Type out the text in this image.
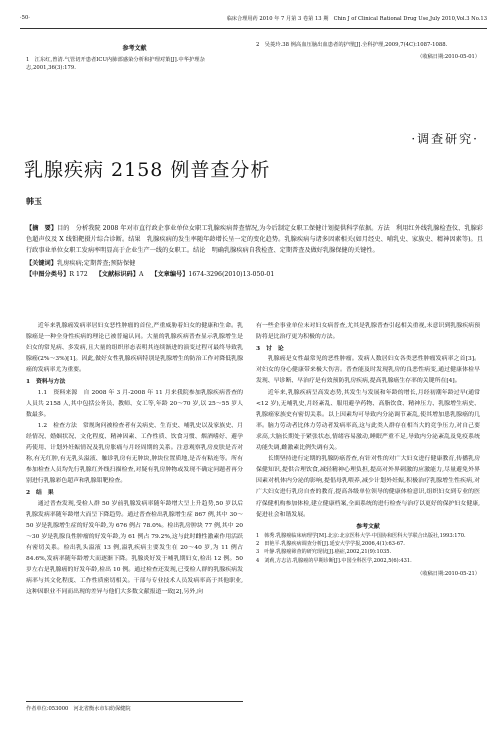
·50·	临床合理用药 2010 年 7 月第 3 卷第 13 期　Chin J of Clinical Rational Drug Use,July 2010,Vol.3 No.13
参考文献
1　江东红,曾清.气管切开患者ICU内肺部感染分析和护理对策[J].中华护理杂志,2001,36(3):179.
2　吴菱玲.38 例高血压脑出血患者的护理[J].全科护理,2009,7(4C):1087-1088.
（收稿日期:2010-05-01）
·调查研究·
乳腺疾病 2158 例普查分析
韩玉
【摘　要】目的　分析我院 2008 年对市直行政企事业单位女职工乳腺疾病普查情况,为今后制定女职工保健计划提供科学依据。方法　利用红外线乳腺检查仪、乳腺彩色超声仪及 X 线钼靶摄片综合诊断。结果　乳腺疾病的发生率随年龄增长呈一定的变化趋势。乳腺疾病与诸多因素相关(如月经史、哺乳史、家族史、精神因素等)。且行政事业单位女职工发病率明显高于企业生产一线的女职工。结论　明确乳腺疾病自我检查、定期普查及做好乳腺保健的关键性。
【关键词】乳房疾病;定期普查;预防保健
【中图分类号】R 172 【文献标识码】A 【文章编号】1674-3296(2010)13-050-01

近年来乳腺癌发病率居妇女恶性肿瘤的首位,严重威胁着妇女的健康和生命。乳腺癌是一种全身性疾病的理论已被普遍认同。大量的乳腺疾病普查显示乳腺增生是妇女的常见病、多发病,且大量的组织形态表明其连续渐进的演变过程可最终导致乳腺癌(2%～3%)[1]。因此,做好女性乳腺疾病特别是乳腺增生的防治工作对降低乳腺癌的发病率尤为重要。

1　资料与方法

1.1　资料来源　自 2008 年 3 月-2008 年 11 月来我院参加乳腺疾病普查的人员共 2158 人,其中包括公务员、教师、女工等,年龄 20～70 岁,以 25～55 岁人数最多。

1.2　检查方法　常规询问被检查者有关病史、生育史、哺乳史以及家族史、月经情况、婚姻状况、文化程度、精神因素、工作性质、饮食习惯、烟酒嗜好、避孕药使用、计划外妊娠情况及乳房胀痛与月经周期的关系。注意观察乳房皮肤是否对称,有无红肿,有无乳头溢液、触诊乳房有无肿块,肿块位置质地,是否有粘连等。所有参加检查人员均先行乳腺红外线扫描检查,对疑有乳房肿物或发现不确定问题者再分别进行乳腺彩色超声和乳腺钼靶检查。

2　结　果

通过普查发现,受检人群 50 岁前乳腺发病率随年龄增大呈上升趋势,50 岁以后乳腺发病率随年龄增大而呈下降趋势。通过普查检出乳腺增生症 867 例,其中 30～50 岁是乳腺增生症的好发年龄,为 676 例占 78.0%。检出乳房肿块 77 例,其中 20～30 岁是乳腺良性肿瘤的好发年龄,为 61 例占 79.2%,这与此时雌性激素作用活跃有密切关系。检出乳头溢液 13 例,溢乳疾病主要发生在 20～40 岁,为 11 例占 84.6%,发病率随年龄增大而逐渐下降。乳腺炎好发于哺乳期妇女,检出 12 例。50 岁左右是乳腺癌的好发年龄,检出 10 例。通过检查还发现,已受检人群的乳腺疾病发病率与其文化程度、工作性质密切相关。干部与专业技术人员发病率高于其他职业,这种因职业不同而出现的差异与他们大多数文献报道一致[2],另外,向

有一些企事业单位未对妇女病普查,尤其是乳腺普查引起相关重视,未意识到乳腺疾病预防将是比治疗更为积极的方法。

3　讨　论

乳腺癌是女性最常见的恶性肿瘤。发病人数居妇女各类恶性肿瘤发病率之首[3]。对妇女的身心健康带来极大伤害。普查能及时发现乳房的良恶性病变,通过健康体检早发现、早诊断、早治疗是有效预防乳房疾病,提高乳腺癌生存率的关键所在[4]。

近年来,乳腺疾病呈高发态势,其发生与发展和年龄的增长,月经初潮年龄过早(通常<12 岁),无哺乳史,月经紊乱、服用避孕药物、高脂饮食、精神压力、乳腺增生病史、乳腺癌家族史有密切关系。以上因素均可导致内分泌调节紊乱,使其增加患乳腺癌的几率。脑力劳动者比体力劳动者发病率高,这与此类人群存在相当大的竞争压力,对自己要求高,大脑长期处于紧张状态,情绪容易激动,睡眠严重不足,导致内分泌紊乱及免疫系统功能失调,雌激素比例失调有关。

长期坚持进行定期的乳腺防癌普查,有针对性的对广大妇女进行健康教育,传播乳房保健知识,提供合理饮食,减轻精神心理负担,提高对外界刺激的应激能力,尽量避免外界因素对机体内分泌的影响,提倡母乳喂养,减少计划外妊娠,积极治疗乳腺增生性疾病,对广大妇女进行乳房自查的教育,提高各级单位领导的健康体检意识,组织妇女到专业的医疗保健机构参加体检,建立健康档案,全面系统的进行检查与治疗以更好的保护妇女健康,促进社会和谐发展。

参考文献

1　韩秀.乳腺癌临床病理学[M].北京:北京医科大学·中国协和医科大学联合出版社,1993:170.
2　田艳平.乳腺疾病调查分析[J].延安大学学报,2006,4(1):63-67.
3　叶静.乳腺癌筛查的研究现状[J].癌症,2002,21(9):1035.
4　刘莉,方志洁.乳腺癌的早期诊断[J].中国全科医学,2002,5(6):431.
（收稿日期:2010-05-21）
作者单位:053000　河北省衡水市妇幼保健院
